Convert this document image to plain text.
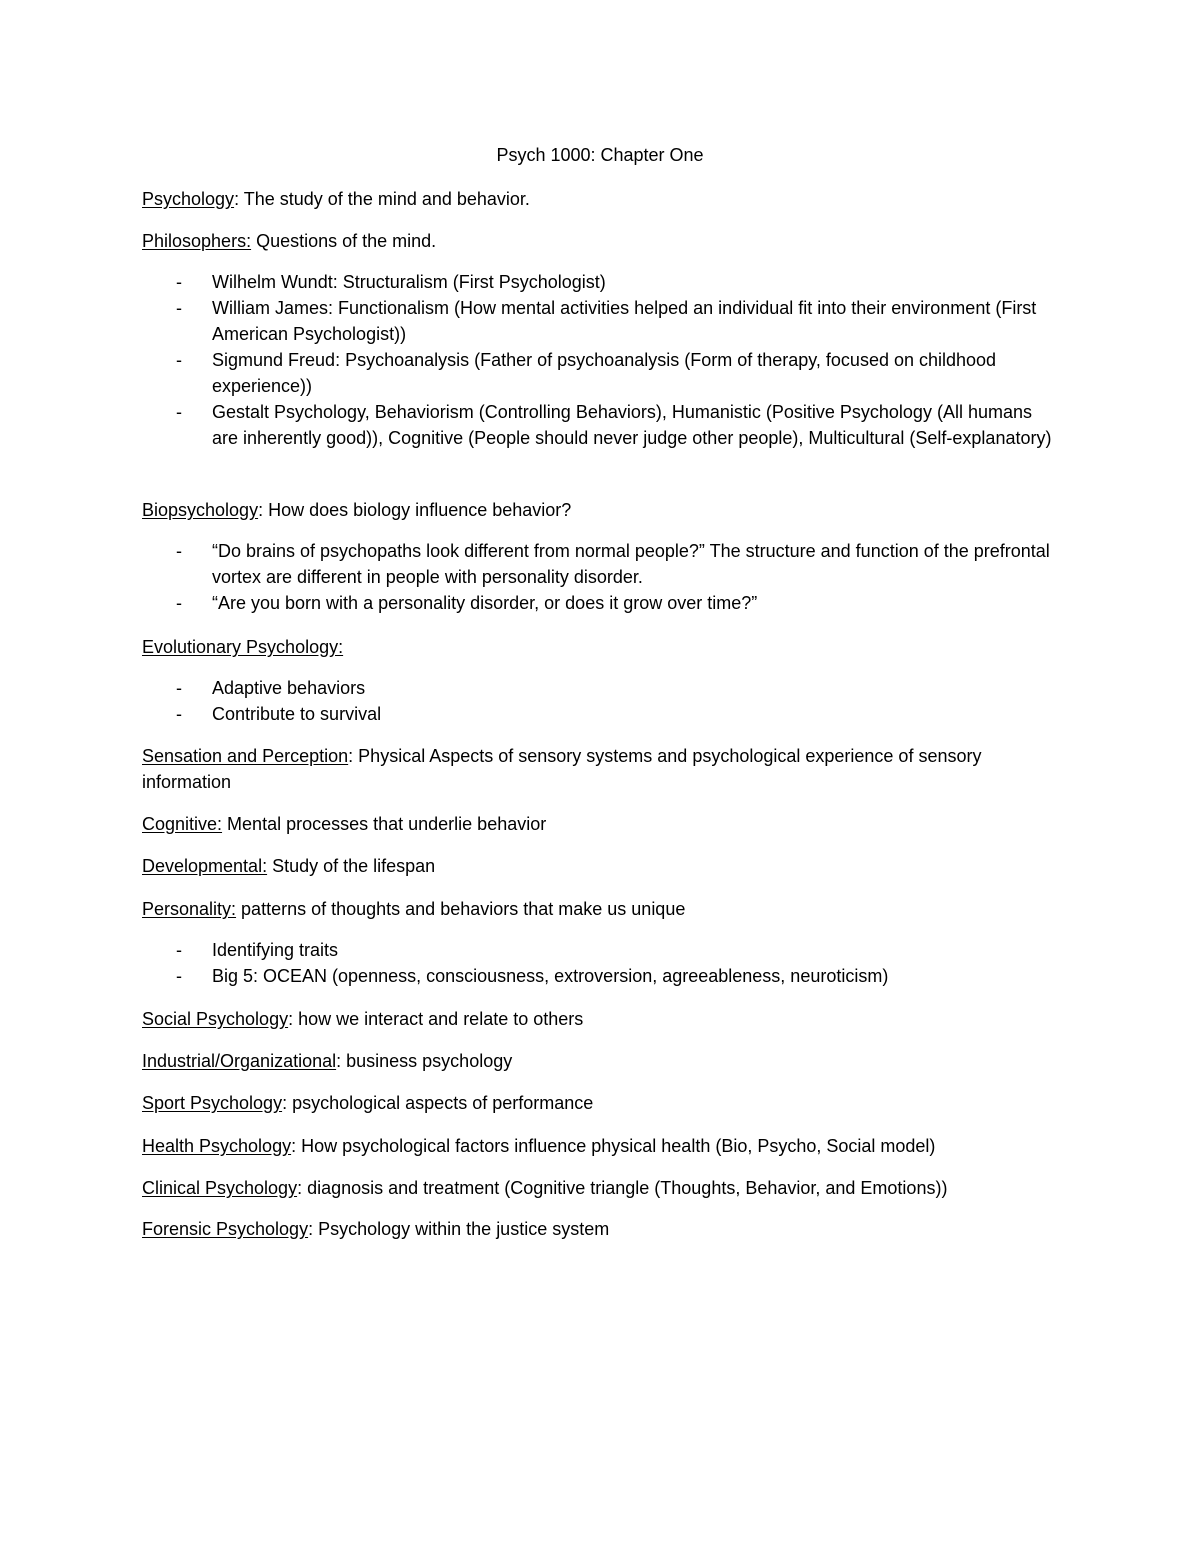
Psych 1000: Chapter One

Psychology: The study of the mind and behavior.

Philosophers: Questions of the mind.

- Wilhelm Wundt: Structuralism (First Psychologist)
- William James: Functionalism (How mental activities helped an individual fit into their environment (First American Psychologist))
- Sigmund Freud: Psychoanalysis (Father of psychoanalysis (Form of therapy, focused on childhood experience))
- Gestalt Psychology, Behaviorism (Controlling Behaviors), Humanistic (Positive Psychology (All humans are inherently good)), Cognitive (People should never judge other people), Multicultural (Self-explanatory)

Biopsychology: How does biology influence behavior?

- “Do brains of psychopaths look different from normal people?” The structure and function of the prefrontal vortex are different in people with personality disorder.
- “Are you born with a personality disorder, or does it grow over time?”

Evolutionary Psychology:

- Adaptive behaviors
- Contribute to survival

Sensation and Perception: Physical Aspects of sensory systems and psychological experience of sensory information

Cognitive: Mental processes that underlie behavior

Developmental: Study of the lifespan

Personality: patterns of thoughts and behaviors that make us unique

- Identifying traits
- Big 5: OCEAN (openness, consciousness, extroversion, agreeableness, neuroticism)

Social Psychology: how we interact and relate to others

Industrial/Organizational: business psychology

Sport Psychology: psychological aspects of performance

Health Psychology: How psychological factors influence physical health (Bio, Psycho, Social model)

Clinical Psychology: diagnosis and treatment (Cognitive triangle (Thoughts, Behavior, and Emotions))

Forensic Psychology: Psychology within the justice system
